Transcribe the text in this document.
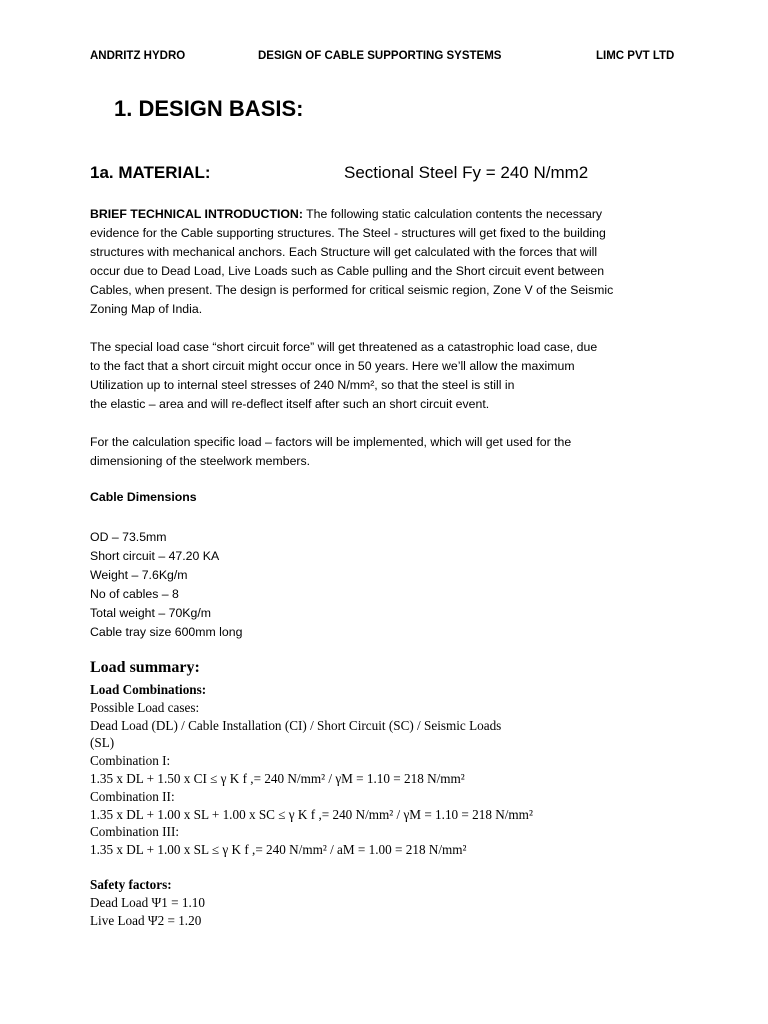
ANDRITZ HYDRO	DESIGN OF CABLE SUPPORTING SYSTEMS	LIMC PVT LTD
1. DESIGN BASIS:
1a. MATERIAL:	Sectional Steel Fy = 240 N/mm2
BRIEF TECHNICAL INTRODUCTION: The following static calculation contents the necessary
evidence for the Cable supporting structures. The Steel - structures will get fixed to the building
structures with mechanical anchors. Each Structure will get calculated with the forces that will
occur due to Dead Load, Live Loads such as Cable pulling and the Short circuit event between
Cables, when present. The design is performed for critical seismic region, Zone V of the Seismic
Zoning Map of India.
The special load case “short circuit force” will get threatened as a catastrophic load case, due
to the fact that a short circuit might occur once in 50 years. Here we’ll allow the maximum
Utilization up to internal steel stresses of 240 N/mm², so that the steel is still in
the elastic – area and will re-deflect itself after such an short circuit event.
For the calculation specific load – factors will be implemented, which will get used for the
dimensioning of the steelwork members.
Cable Dimensions
OD – 73.5mm
Short circuit – 47.20 KA
Weight – 7.6Kg/m
No of cables – 8
Total weight – 70Kg/m
Cable tray size 600mm long
Load summary:
Load Combinations:
Possible Load cases:
Dead Load (DL) / Cable Installation (CI) / Short Circuit (SC) / Seismic Loads
(SL)
Combination I:
1.35 x DL + 1.50 x CI ≤ γ K f ,= 240 N/mm² / γM = 1.10 = 218 N/mm²
Combination II:
1.35 x DL + 1.00 x SL + 1.00 x SC ≤ γ K f ,= 240 N/mm² / γM = 1.10 = 218 N/mm²
Combination III:
1.35 x DL + 1.00 x SL ≤ γ K f ,= 240 N/mm² / aM = 1.00 = 218 N/mm²
Safety factors:
Dead Load Ψ1 = 1.10
Live Load Ψ2 = 1.20
